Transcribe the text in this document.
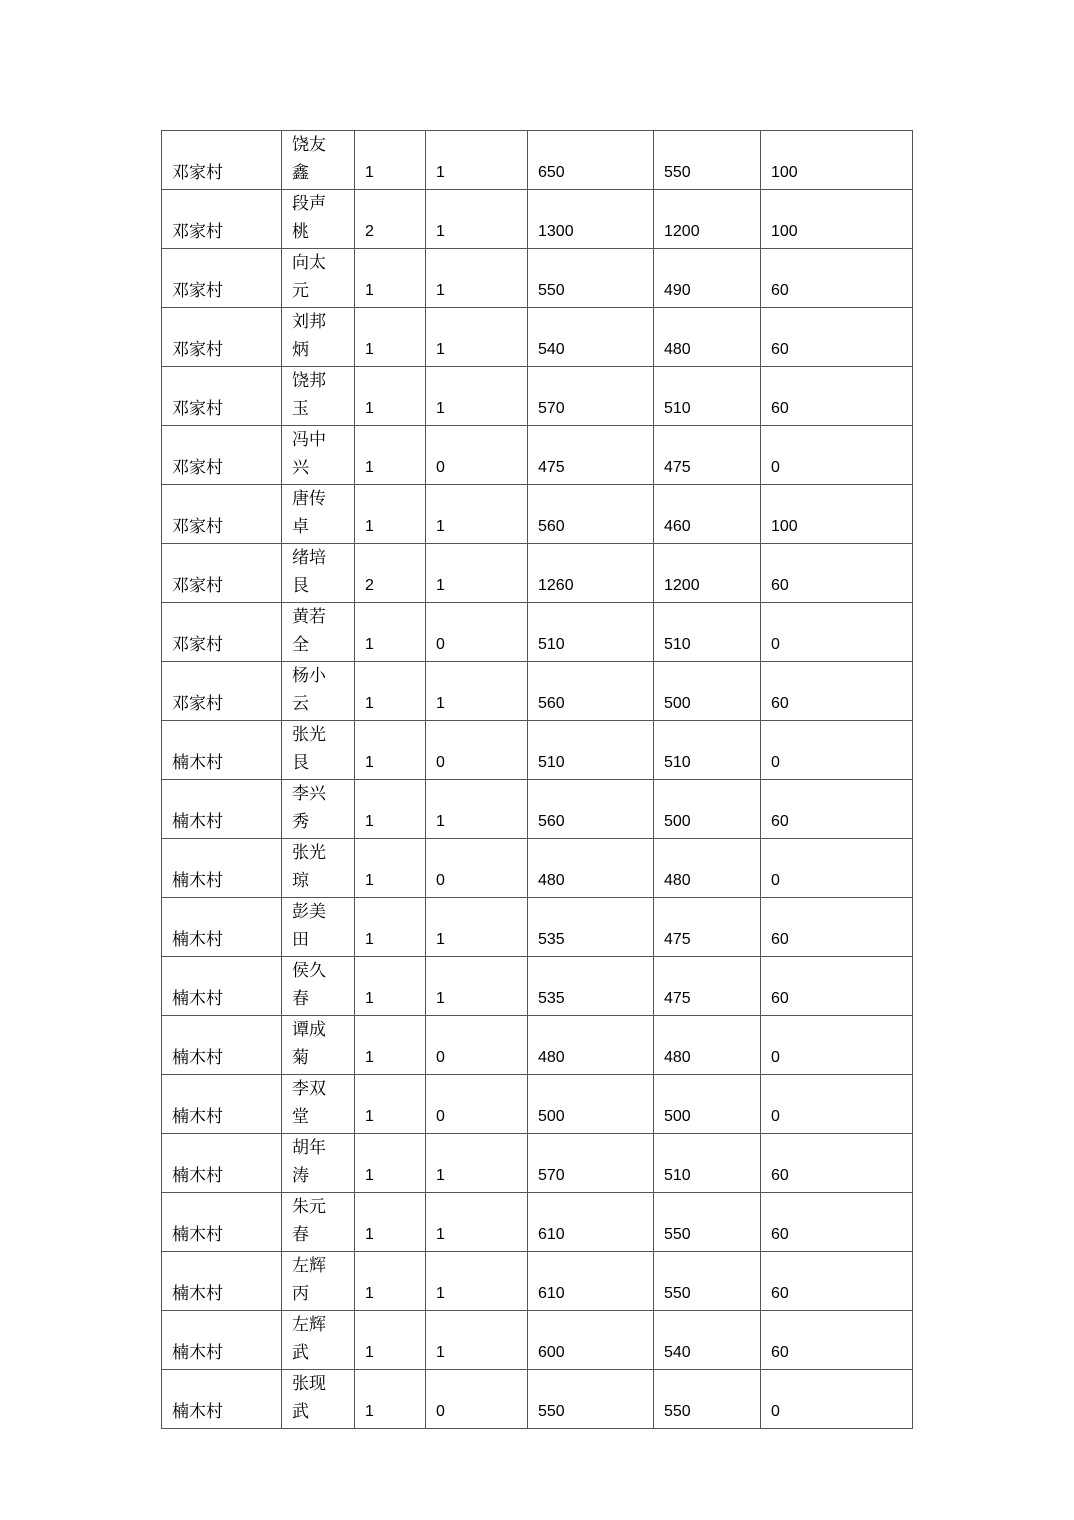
邓家村	饶友鑫	1	1	650	550	100
邓家村	段声桃	2	1	1300	1200	100
邓家村	向太元	1	1	550	490	60
邓家村	刘邦炳	1	1	540	480	60
邓家村	饶邦玉	1	1	570	510	60
邓家村	冯中兴	1	0	475	475	0
邓家村	唐传卓	1	1	560	460	100
邓家村	绪培艮	2	1	1260	1200	60
邓家村	黄若全	1	0	510	510	0
邓家村	杨小云	1	1	560	500	60
楠木村	张光艮	1	0	510	510	0
楠木村	李兴秀	1	1	560	500	60
楠木村	张光琼	1	0	480	480	0
楠木村	彭美田	1	1	535	475	60
楠木村	侯久春	1	1	535	475	60
楠木村	谭成菊	1	0	480	480	0
楠木村	李双堂	1	0	500	500	0
楠木村	胡年涛	1	1	570	510	60
楠木村	朱元春	1	1	610	550	60
楠木村	左辉丙	1	1	610	550	60
楠木村	左辉武	1	1	600	540	60
楠木村	张现武	1	0	550	550	0
